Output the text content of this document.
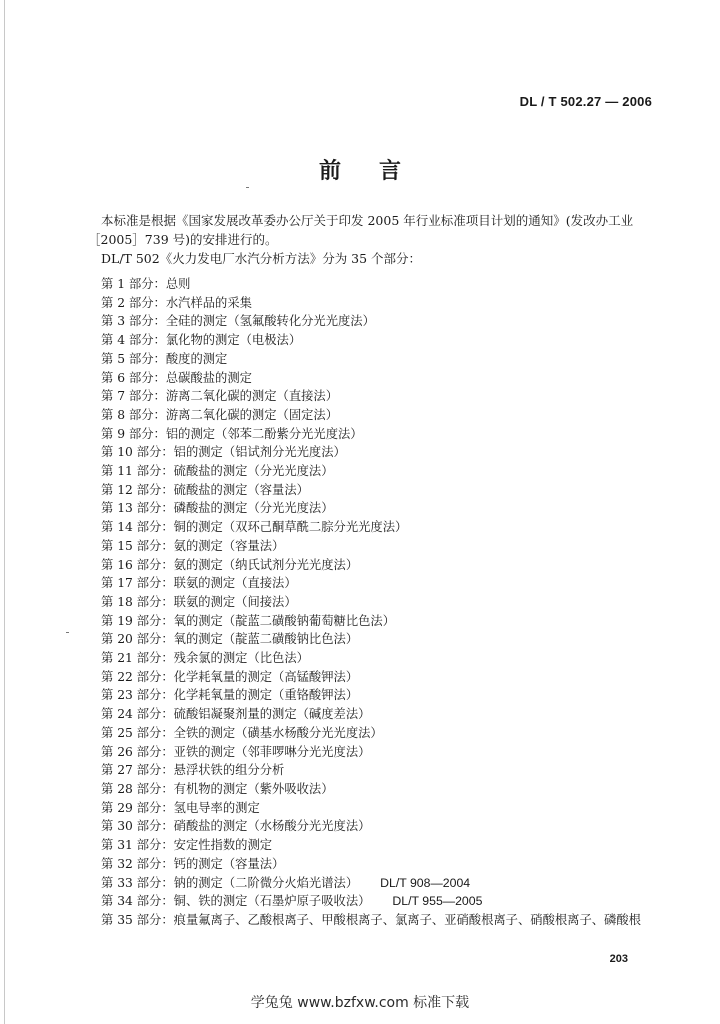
DL / T 502.27 — 2006
前言

本标准是根据《国家发展改革委办公厅关于印发 2005 年行业标准项目计划的通知》(发改办工业［2005］739 号)的安排进行的。

DL/T 502《火力发电厂水汽分析方法》分为 35 个部分：

第 1 部分：总则
第 2 部分：水汽样品的采集
第 3 部分：全硅的测定（氢氟酸转化分光光度法）
第 4 部分：氯化物的测定（电极法）
第 5 部分：酸度的测定
第 6 部分：总碳酸盐的测定
第 7 部分：游离二氧化碳的测定（直接法）
第 8 部分：游离二氧化碳的测定（固定法）
第 9 部分：铝的测定（邻苯二酚紫分光光度法）
第 10 部分：铝的测定（铝试剂分光光度法）
第 11 部分：硫酸盐的测定（分光光度法）
第 12 部分：硫酸盐的测定（容量法）
第 13 部分：磷酸盐的测定（分光光度法）
第 14 部分：铜的测定（双环己酮草酰二腙分光光度法）
第 15 部分：氨的测定（容量法）
第 16 部分：氨的测定（纳氏试剂分光光度法）
第 17 部分：联氨的测定（直接法）
第 18 部分：联氨的测定（间接法）
第 19 部分：氧的测定（靛蓝二磺酸钠葡萄糖比色法）
第 20 部分：氧的测定（靛蓝二磺酸钠比色法）
第 21 部分：残余氯的测定（比色法）
第 22 部分：化学耗氧量的测定（高锰酸钾法）
第 23 部分：化学耗氧量的测定（重铬酸钾法）
第 24 部分：硫酸铝凝聚剂量的测定（碱度差法）
第 25 部分：全铁的测定（磺基水杨酸分光光度法）
第 26 部分：亚铁的测定（邻菲啰啉分光光度法）
第 27 部分：悬浮状铁的组分分析
第 28 部分：有机物的测定（紫外吸收法）
第 29 部分：氢电导率的测定
第 30 部分：硝酸盐的测定（水杨酸分光光度法）
第 31 部分：安定性指数的测定
第 32 部分：钙的测定（容量法）
第 33 部分：钠的测定（二阶微分火焰光谱法） DL/T 908—2004
第 34 部分：铜、铁的测定（石墨炉原子吸收法） DL/T 955—2005
第 35 部分：痕量氟离子、乙酸根离子、甲酸根离子、氯离子、亚硝酸根离子、硝酸根离子、磷酸根
203
学兔兔 www.bzfxw.com 标准下载
